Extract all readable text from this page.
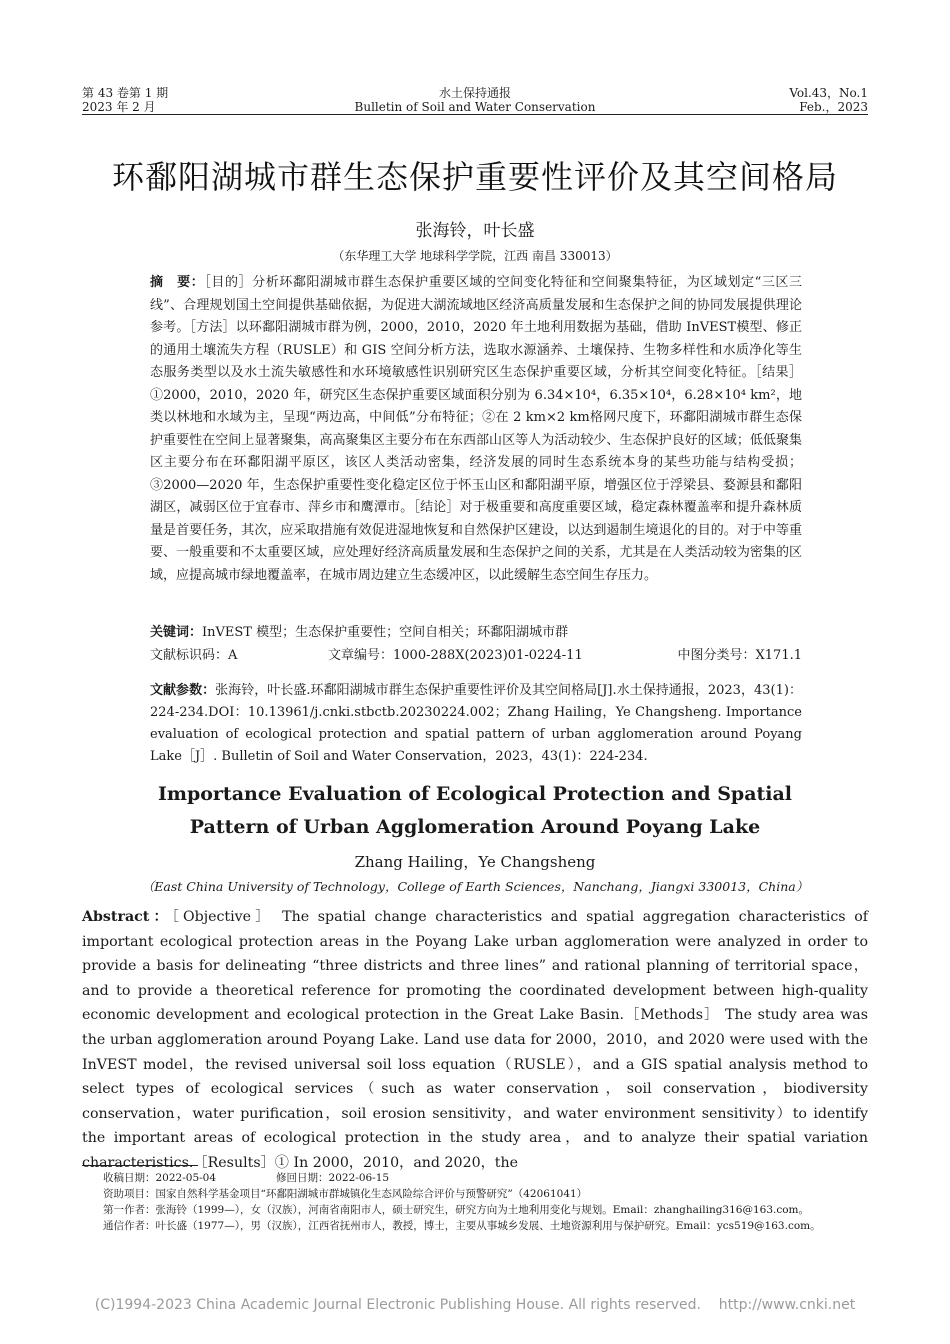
第 43 卷第 1 期
2023 年 2 月
水土保持通报
Bulletin of Soil and Water Conservation
Vol.43，No.1
Feb.，2023
环鄱阳湖城市群生态保护重要性评价及其空间格局
张海铃，叶长盛
（东华理工大学 地球科学学院，江西 南昌 330013）
摘　要：［目的］分析环鄱阳湖城市群生态保护重要区域的空间变化特征和空间聚集特征，为区域划定“三区三线”、合理规划国土空间提供基础依据，为促进大湖流域地区经济高质量发展和生态保护之间的协同发展提供理论参考。［方法］以环鄱阳湖城市群为例，2000，2010，2020 年土地利用数据为基础，借助 InVEST模型、修正的通用土壤流失方程（RUSLE）和 GIS 空间分析方法，选取水源涵养、土壤保持、生物多样性和水质净化等生态服务类型以及水土流失敏感性和水环境敏感性识别研究区生态保护重要区域，分析其空间变化特征。［结果］①2000，2010，2020 年，研究区生态保护重要区域面积分别为 6.34×10⁴，6.35×10⁴，6.28×10⁴ km²，地类以林地和水域为主，呈现“两边高，中间低”分布特征；②在 2 km×2 km格网尺度下，环鄱阳湖城市群生态保护重要性在空间上显著聚集，高高聚集区主要分布在东西部山区等人为活动较少、生态保护良好的区域；低低聚集区主要分布在环鄱阳湖平原区，该区人类活动密集，经济发展的同时生态系统本身的某些功能与结构受损；③2000—2020 年，生态保护重要性变化稳定区位于怀玉山区和鄱阳湖平原，增强区位于浮梁县、婺源县和鄱阳湖区，减弱区位于宜春市、萍乡市和鹰潭市。［结论］对于极重要和高度重要区域，稳定森林覆盖率和提升森林质量是首要任务，其次，应采取措施有效促进湿地恢复和自然保护区建设，以达到遏制生境退化的目的。对于中等重要、一般重要和不太重要区域，应处理好经济高质量发展和生态保护之间的关系，尤其是在人类活动较为密集的区域，应提高城市绿地覆盖率，在城市周边建立生态缓冲区，以此缓解生态空间生存压力。
关键词：InVEST 模型；生态保护重要性；空间自相关；环鄱阳湖城市群
文献标识码：A	文章编号：1000-288X(2023)01-0224-11	中图分类号：X171.1
文献参数：张海铃，叶长盛.环鄱阳湖城市群生态保护重要性评价及其空间格局[J].水土保持通报，2023，43(1)：224-234.DOI：10.13961/j.cnki.stbctb.20230224.002；Zhang Hailing，Ye Changsheng. Importance evaluation of ecological protection and spatial pattern of urban agglomeration around Poyang Lake［J］. Bulletin of Soil and Water Conservation，2023，43(1)：224-234.
Importance Evaluation of Ecological Protection and Spatial
Pattern of Urban Agglomeration Around Poyang Lake
Zhang Hailing，Ye Changsheng
（East China University of Technology，College of Earth Sciences，Nanchang，Jiangxi 330013，China）
Abstract：［Objective］ The spatial change characteristics and spatial aggregation characteristics of important ecological protection areas in the Poyang Lake urban agglomeration were analyzed in order to provide a basis for delineating “three districts and three lines” and rational planning of territorial space，and to provide a theoretical reference for promoting the coordinated development between high-quality economic development and ecological protection in the Great Lake Basin.［Methods］ The study area was the urban agglomeration around Poyang Lake. Land use data for 2000，2010，and 2020 were used with the InVEST model，the revised universal soil loss equation（RUSLE），and a GIS spatial analysis method to select types of ecological services（such as water conservation，soil conservation，biodiversity conservation，water purification，soil erosion sensitivity，and water environment sensitivity）to identify the important areas of ecological protection in the study area，and to analyze their spatial variation characteristics.［Results］① In 2000，2010，and 2020，the
收稿日期：2022-05-04	修回日期：2022-06-15
资助项目：国家自然科学基金项目“环鄱阳湖城市群城镇化生态风险综合评价与预警研究”（42061041）
第一作者：张海铃（1999—），女（汉族），河南省南阳市人，硕士研究生，研究方向为土地利用变化与规划。Email：zhanghailing316@163.com。
通信作者：叶长盛（1977—），男（汉族），江西省抚州市人，教授，博士，主要从事城乡发展、土地资源利用与保护研究。Email：ycs519@163.com。
(C)1994-2023 China Academic Journal Electronic Publishing House. All rights reserved.    http://www.cnki.net
